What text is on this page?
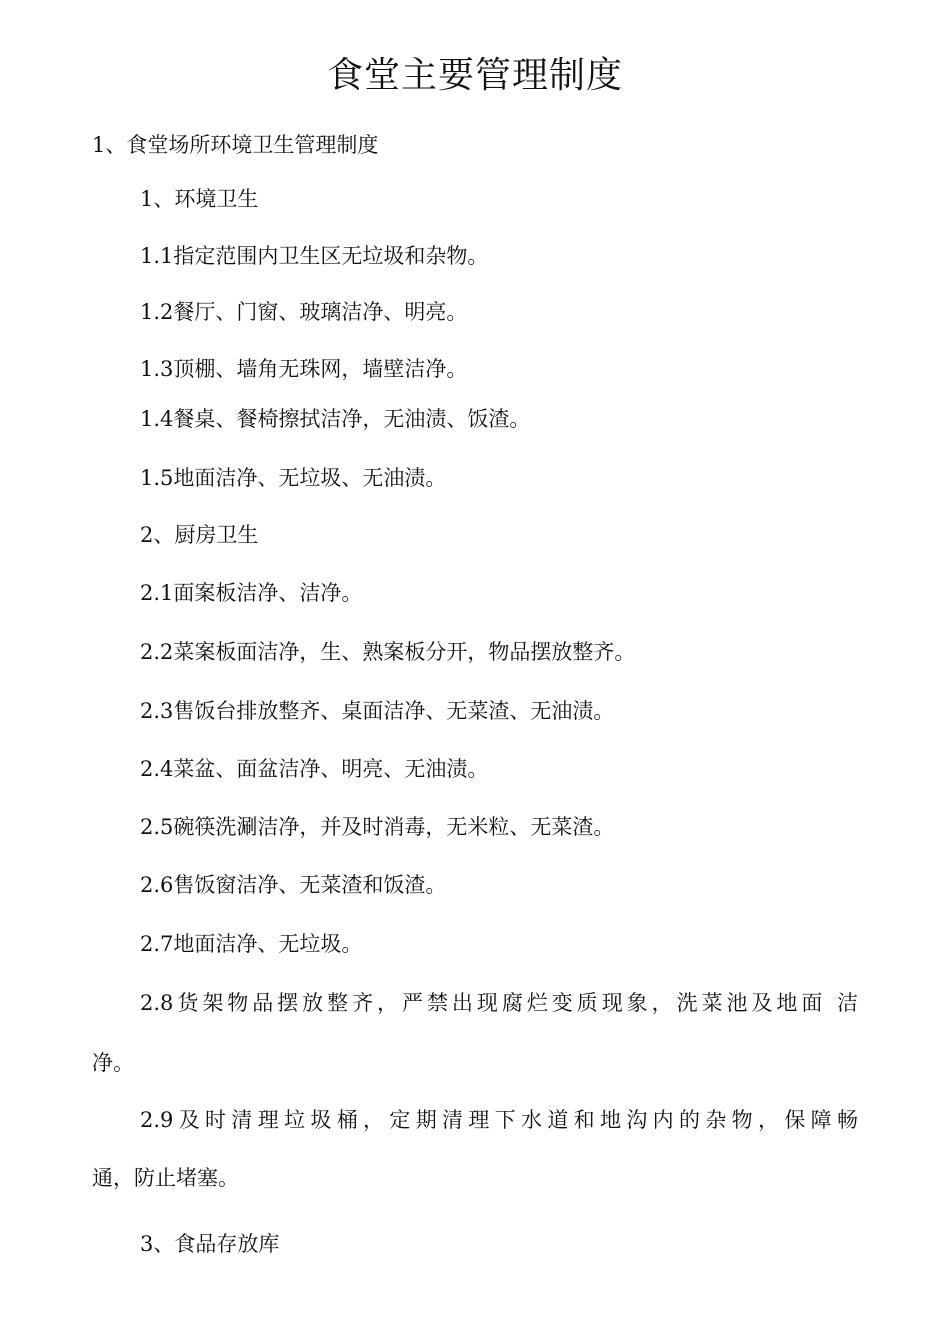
食堂主要管理制度

1、食堂场所环境卫生管理制度

1、环境卫生

1.1指定范围内卫生区无垃圾和杂物。

1.2餐厅、门窗、玻璃洁净、明亮。

1.3顶棚、墙角无珠网，墙壁洁净。

1.4餐桌、餐椅擦拭洁净，无油渍、饭渣。

1.5地面洁净、无垃圾、无油渍。

2、厨房卫生

2.1面案板洁净、洁净。

2.2菜案板面洁净，生、熟案板分开，物品摆放整齐。

2.3售饭台排放整齐、桌面洁净、无菜渣、无油渍。

2.4菜盆、面盆洁净、明亮、无油渍。

2.5碗筷洗涮洁净，并及时消毒，无米粒、无菜渣。

2.6售饭窗洁净、无菜渣和饭渣。

2.7地面洁净、无垃圾。

2.8货架物品摆放整齐，严禁出现腐烂变质现象，洗菜池及地面 洁

净。

2.9及时清理垃圾桶，定期清理下水道和地沟内的杂物，保障畅

通，防止堵塞。

3、食品存放库
